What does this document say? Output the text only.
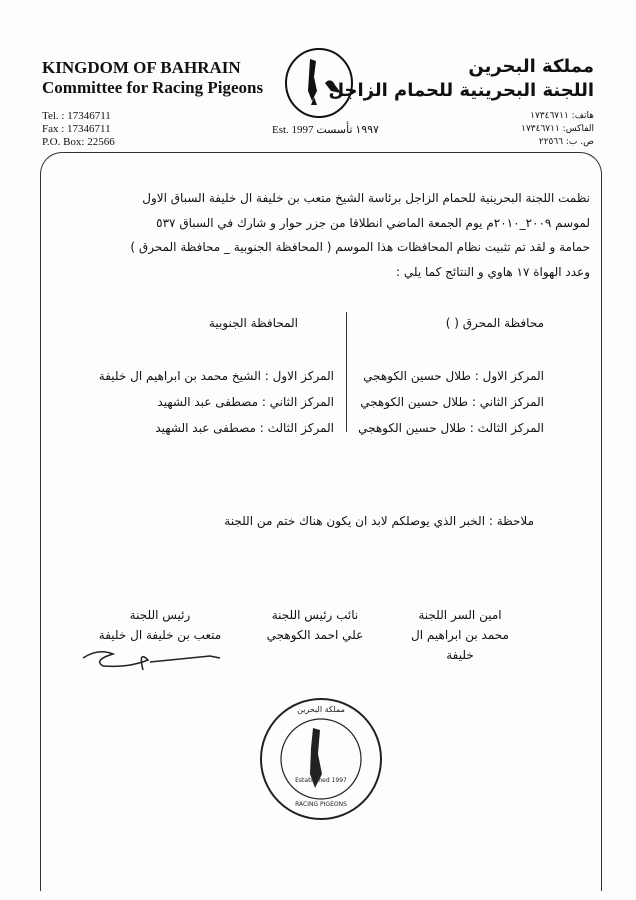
KINGDOM OF BAHRAIN
Committee for Racing Pigeons
Tel. : 17346711
Fax : 17346711
P.O. Box: 22566
Est. 1997 ١٩٩٧ تأسست
مملكة البحرين
اللجنة البحرينية للحمام الزاجل
هاتف: ١٧٣٤٦٧١١
الفاكس: ١٧٣٤٦٧١١
ص. ب: ٢٢٥٦٦
نظمت اللجنة البحرينية للحمام الزاجل برئاسة الشيخ متعب بن خليفة ال خليفة السباق الاول
لموسم ٢٠٠٩_٢٠١٠م يوم الجمعة الماضي انطلاقا من جزر حوار و شارك في السباق ٥٣٧
حمامة و لقد تم تثبيت نظام المحافظات هذا الموسم ( المحافظة الجنوبية _ محافظة المحرق )
وعدد الهواة ١٧ هاوي و النتائج كما يلي :
محافظة المحرق ( )
المحافظة الجنوبية
المركز الاول : طلال حسين الكوهجي
المركز الثاني : طلال حسين الكوهجي
المركز الثالث : طلال حسين الكوهجي
المركز الاول : الشيخ محمد بن ابراهيم ال خليفة
المركز الثاني : مصطفى عبد الشهيد
المركز الثالث : مصطفى عبد الشهيد
ملاحظة : الخبر الذي يوصلكم لابد ان يكون هناك ختم من اللجنة
امين السر اللجنة
محمد بن ابراهيم ال خليفة
نائب رئيس اللجنة
علي احمد الكوهجي
رئيس اللجنة
متعب بن خليفة ال خليفة
مملكة البحرين
Established 1997
RACING PIGEONS
